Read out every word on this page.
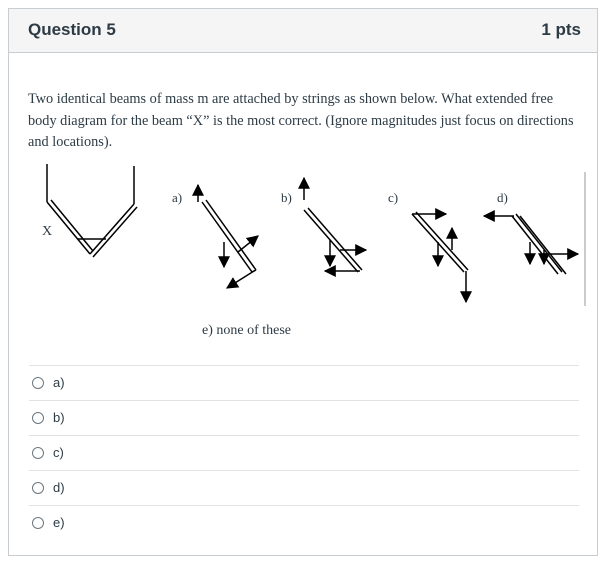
Question 5	1 pts
Two identical beams of mass m are attached by strings as shown below. What extended free body diagram for the beam “X” is the most correct. (Ignore magnitudes just focus on directions and locations).
X
a)	b)	c)	d)
e) none of these
a)
b)
c)
d)
e)
